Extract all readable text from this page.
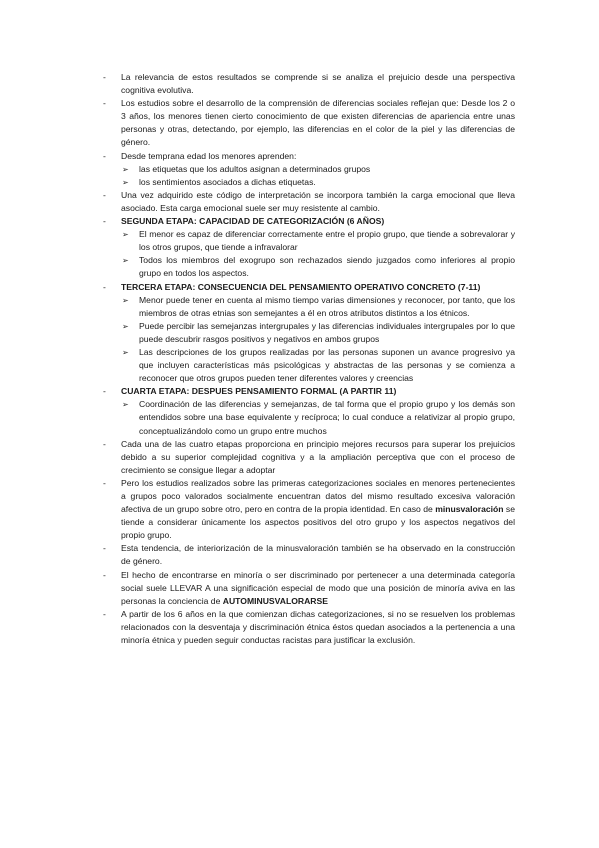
-	La relevancia de estos resultados se comprende si se analiza el prejuicio desde una perspectiva cognitiva evolutiva.
-	Los estudios sobre el desarrollo de la comprensión de diferencias sociales reflejan que: Desde los 2 o 3 años, los menores tienen cierto conocimiento de que existen diferencias de apariencia entre unas personas y otras, detectando, por ejemplo, las diferencias en el color de la piel y las diferencias de género.
-	Desde temprana edad los menores aprenden:
➢	las etiquetas que los adultos asignan a determinados grupos
➢	los sentimientos asociados a dichas etiquetas.
-	Una vez adquirido este código de interpretación se incorpora también la carga emocional que lleva asociado. Esta carga emocional suele ser muy resistente al cambio.
-	SEGUNDA ETAPA: CAPACIDAD DE CATEGORIZACIÓN (6 AÑOS)
➢	El menor es capaz de diferenciar correctamente entre el propio grupo, que tiende a sobrevalorar y los otros grupos, que tiende a infravalorar
➢	Todos los miembros del exogrupo son rechazados siendo juzgados como inferiores al propio grupo en todos los aspectos.
-	TERCERA ETAPA: CONSECUENCIA DEL PENSAMIENTO OPERATIVO CONCRETO (7-11)
➢	Menor puede tener en cuenta al mismo tiempo varias dimensiones y reconocer, por tanto, que los miembros de otras etnias son semejantes a él en otros atributos distintos a los étnicos.
➢	Puede percibir las semejanzas intergrupales y las diferencias individuales intergrupales por lo que puede descubrir rasgos positivos y negativos en ambos grupos
➢	Las descripciones de los grupos realizadas por las personas suponen un avance progresivo ya que incluyen características más psicológicas y abstractas de las personas y se comienza a reconocer que otros grupos pueden tener diferentes valores y creencias
-	CUARTA ETAPA: DESPUES PENSAMIENTO FORMAL (A PARTIR 11)
➢	Coordinación de las diferencias y semejanzas, de tal forma que el propio grupo y los demás son entendidos sobre una base equivalente y recíproca; lo cual conduce a relativizar al propio grupo, conceptualizándolo como un grupo entre muchos
-	Cada una de las cuatro etapas proporciona en principio mejores recursos para superar los prejuicios debido a su superior complejidad cognitiva y a la ampliación perceptiva que con el proceso de crecimiento se consigue llegar a adoptar
-	Pero los estudios realizados sobre las primeras categorizaciones sociales en menores pertenecientes a grupos poco valorados socialmente encuentran datos del mismo resultado excesiva valoración afectiva de un grupo sobre otro, pero en contra de la propia identidad. En caso de minusvaloración se tiende a considerar únicamente los aspectos positivos del otro grupo y los aspectos negativos del propio grupo.
-	Esta tendencia, de interiorización de la minusvaloración también se ha observado en la construcción de género.
-	El hecho de encontrarse en minoría o ser discriminado por pertenecer a una determinada categoría social suele LLEVAR A una significación especial de modo que una posición de minoría aviva en las personas la conciencia de AUTOMINUSVALORARSE
-	A partir de los 6 años en la que comienzan dichas categorizaciones, si no se resuelven los problemas relacionados con la desventaja y discriminación étnica éstos quedan asociados a la pertenencia a una minoría étnica y pueden seguir conductas racistas para justificar la exclusión.
